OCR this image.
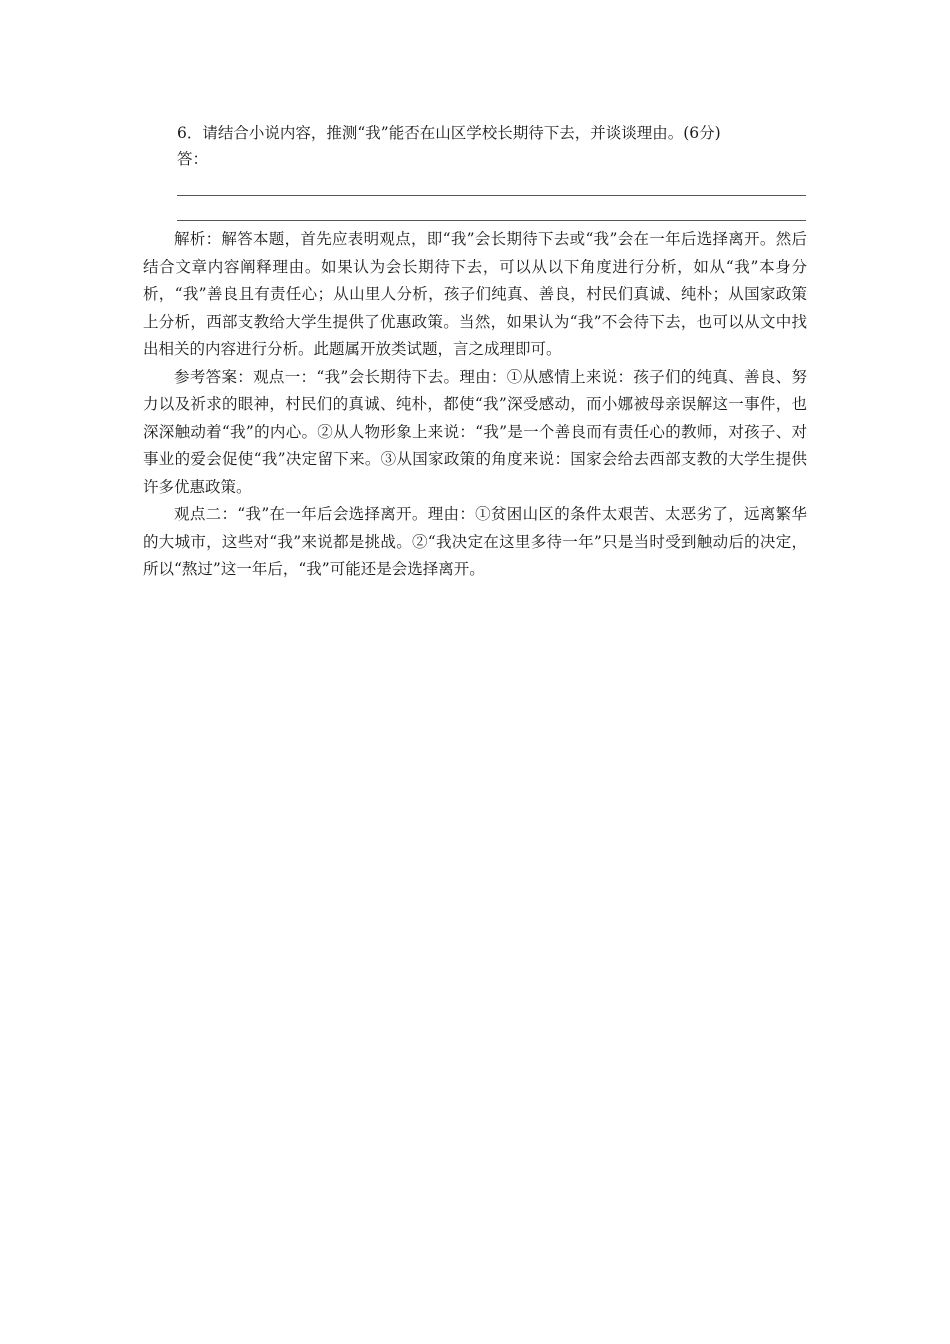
6．请结合小说内容，推测“我”能否在山区学校长期待下去，并谈谈理由。(6分)
答：

解析：解答本题，首先应表明观点，即“我”会长期待下去或“我”会在一年后选择离开。然后结合文章内容阐释理由。如果认为会长期待下去，可以从以下角度进行分析，如从“我”本身分析，“我”善良且有责任心；从山里人分析，孩子们纯真、善良，村民们真诚、纯朴；从国家政策上分析，西部支教给大学生提供了优惠政策。当然，如果认为“我”不会待下去，也可以从文中找出相关的内容进行分析。此题属开放类试题，言之成理即可。

参考答案：观点一：“我”会长期待下去。理由：①从感情上来说：孩子们的纯真、善良、努力以及祈求的眼神，村民们的真诚、纯朴，都使“我”深受感动，而小娜被母亲误解这一事件，也深深触动着“我”的内心。②从人物形象上来说：“我”是一个善良而有责任心的教师，对孩子、对事业的爱会促使“我”决定留下来。③从国家政策的角度来说：国家会给去西部支教的大学生提供许多优惠政策。

观点二：“我”在一年后会选择离开。理由：①贫困山区的条件太艰苦、太恶劣了，远离繁华的大城市，这些对“我”来说都是挑战。②“我决定在这里多待一年”只是当时受到触动后的决定，所以“熬过”这一年后，“我”可能还是会选择离开。
